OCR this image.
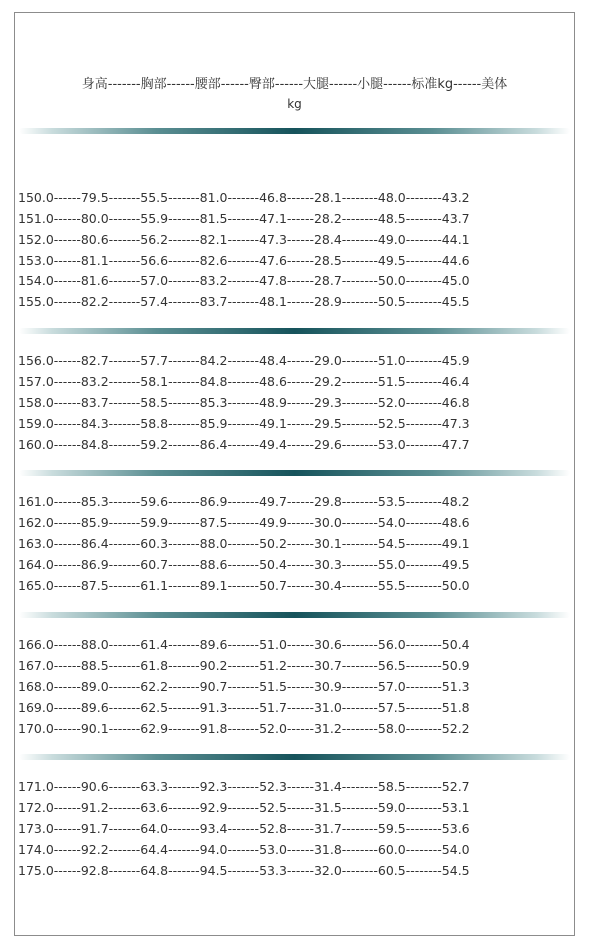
身高-------胸部------腰部------臀部------大腿------小腿------标准kg------美体
kg
150.0------79.5-------55.5-------81.0-------46.8------28.1--------48.0--------43.2
151.0------80.0-------55.9-------81.5-------47.1------28.2--------48.5--------43.7
152.0------80.6-------56.2-------82.1-------47.3------28.4--------49.0--------44.1
153.0------81.1-------56.6-------82.6-------47.6------28.5--------49.5--------44.6
154.0------81.6-------57.0-------83.2-------47.8------28.7--------50.0--------45.0
155.0------82.2-------57.4-------83.7-------48.1------28.9--------50.5--------45.5
156.0------82.7-------57.7-------84.2-------48.4------29.0--------51.0--------45.9
157.0------83.2-------58.1-------84.8-------48.6------29.2--------51.5--------46.4
158.0------83.7-------58.5-------85.3-------48.9------29.3--------52.0--------46.8
159.0------84.3-------58.8-------85.9-------49.1------29.5--------52.5--------47.3
160.0------84.8-------59.2-------86.4-------49.4------29.6--------53.0--------47.7
161.0------85.3-------59.6-------86.9-------49.7------29.8--------53.5--------48.2
162.0------85.9-------59.9-------87.5-------49.9------30.0--------54.0--------48.6
163.0------86.4-------60.3-------88.0-------50.2------30.1--------54.5--------49.1
164.0------86.9-------60.7-------88.6-------50.4------30.3--------55.0--------49.5
165.0------87.5-------61.1-------89.1-------50.7------30.4--------55.5--------50.0
166.0------88.0-------61.4-------89.6-------51.0------30.6--------56.0--------50.4
167.0------88.5-------61.8-------90.2-------51.2------30.7--------56.5--------50.9
168.0------89.0-------62.2-------90.7-------51.5------30.9--------57.0--------51.3
169.0------89.6-------62.5-------91.3-------51.7------31.0--------57.5--------51.8
170.0------90.1-------62.9-------91.8-------52.0------31.2--------58.0--------52.2
171.0------90.6-------63.3-------92.3-------52.3------31.4--------58.5--------52.7
172.0------91.2-------63.6-------92.9-------52.5------31.5--------59.0--------53.1
173.0------91.7-------64.0-------93.4-------52.8------31.7--------59.5--------53.6
174.0------92.2-------64.4-------94.0-------53.0------31.8--------60.0--------54.0
175.0------92.8-------64.8-------94.5-------53.3------32.0--------60.5--------54.5
